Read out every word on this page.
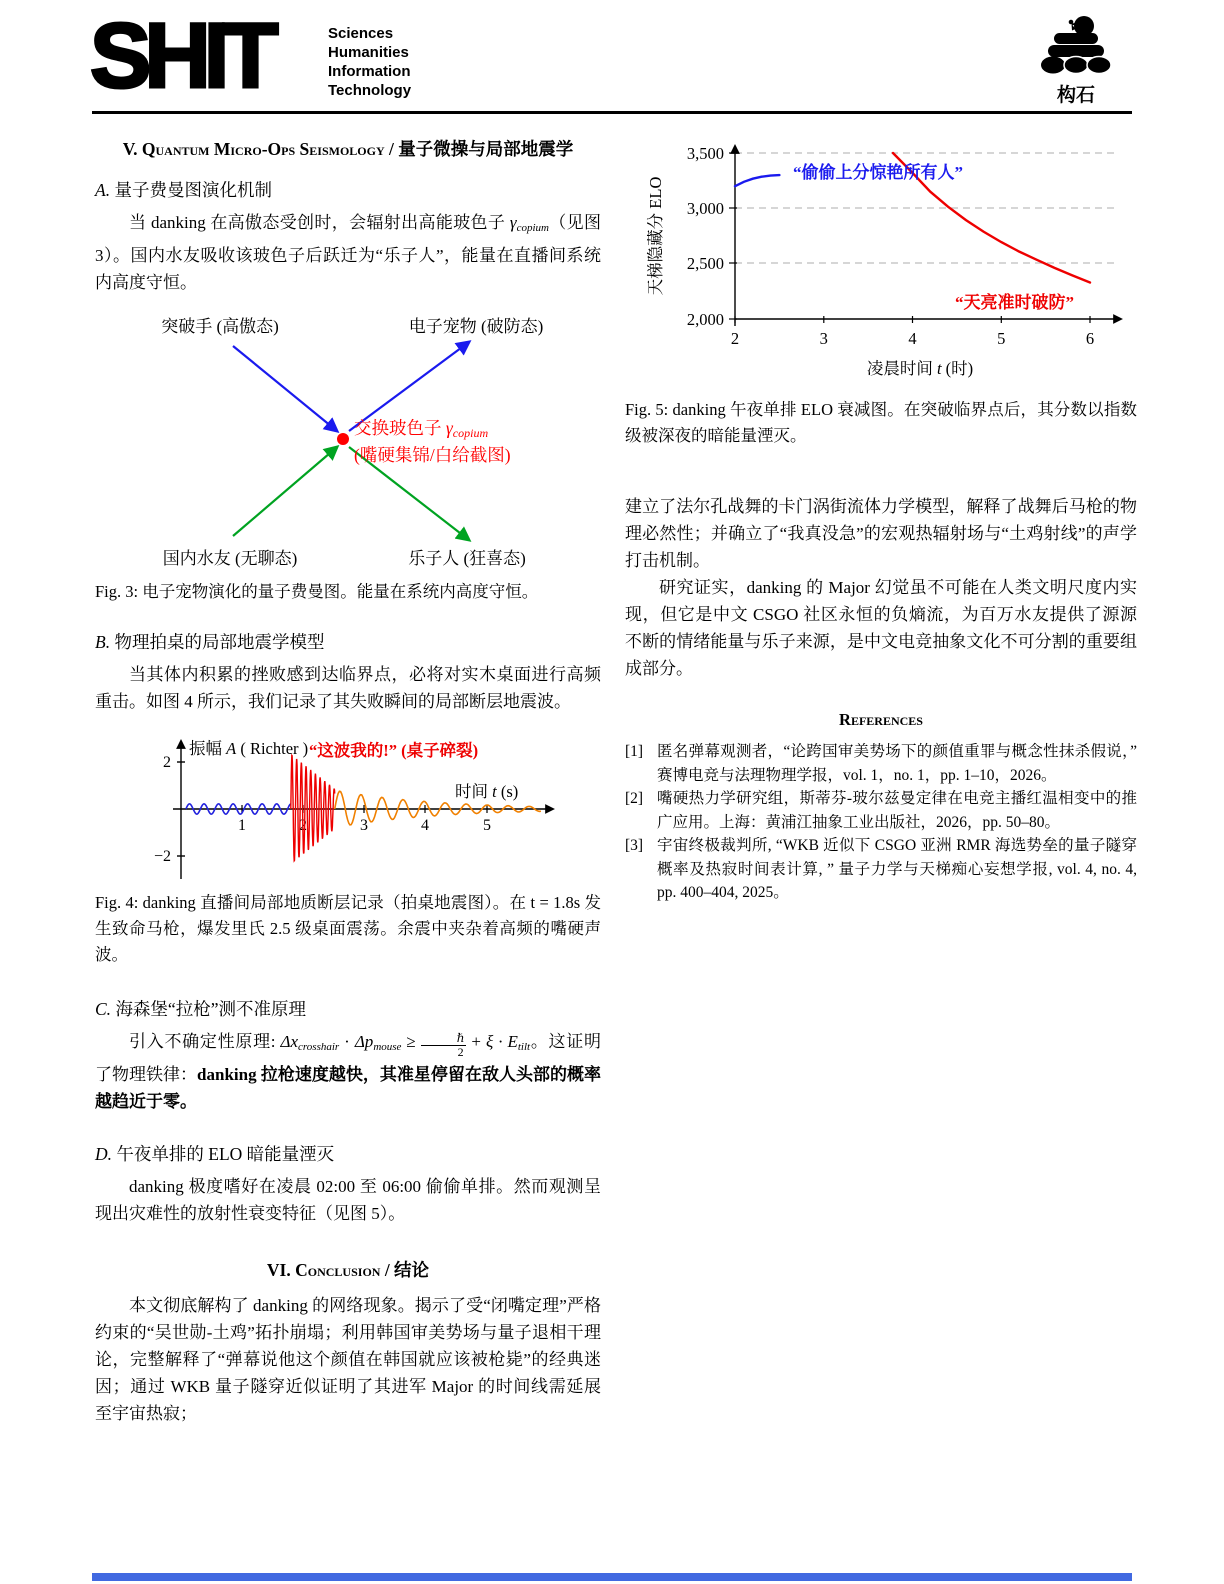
SHIT	Sciences
Humanities
Information
Technology	构石
V. Quantum Micro-Ops Seismology / 量子微操与局部地震学
A. 量子费曼图演化机制

当 danking 在高傲态受创时，会辐射出高能玻色子 γcopium（见图 3）。国内水友吸收该玻色子后跃迁为“乐子人”，能量在直播间系统内高度守恒。

突破手 (高傲态)	电子宠物 (破防态)
国内水友 (无聊态)	乐子人 (狂喜态)
交换玻色子 γcopium
(嘴硬集锦/白给截图)
Fig. 3: 电子宠物演化的量子费曼图。能量在系统内高度守恒。
B. 物理拍桌的局部地震学模型

当其体内积累的挫败感到达临界点，必将对实木桌面进行高频重击。如图 4 所示，我们记录了其失败瞬间的局部断层地震波。

2
−2
1	2	3	4	5
振幅 A ( Richter ) “这波我的!” (桌子碎裂)
时间 t (s)
Fig. 4: danking 直播间局部地质断层记录（拍桌地震图）。在 t = 1.8s 发生致命马枪，爆发里氏 2.5 级桌面震荡。余震中夹杂着高频的嘴硬声波。
C. 海森堡“拉枪”测不准原理

引入不确定性原理: Δxcrosshair · Δpmouse ≥ $\frac{\text{ℏ}}{2} + \xi$ · Etilt。这证明了物理铁律：danking 拉枪速度越快，其准星停留在敌人头部的概率越趋近于零。

D. 午夜单排的 ELO 暗能量湮灭

danking 极度嗜好在凌晨 02:00 至 06:00 偷偷单排。然而观测呈现出灾难性的放射性衰变特征（见图 5）。

VI. Conclusion / 结论

本文彻底解构了 danking 的网络现象。揭示了受“闭嘴定理”严格约束的“吴世勋-土鸡”拓扑崩塌；利用韩国审美势场与量子退相干理论，完整解释了“弹幕说他这个颜值在韩国就应该被枪毙”的经典迷因；通过 WKB 量子隧穿近似证明了其进军 Major 的时间线需延展至宇宙热寂；

3,500
3,000
2,500
2,000
2	3	4	5	6
天梯隐藏分 ELO
凌晨时间 t (时)
“偷偷上分惊艳所有人”
“天亮准时破防”
Fig. 5: danking 午夜单排 ELO 衰减图。在突破临界点后，其分数以指数级被深夜的暗能量湮灭。

建立了法尔孔战舞的卡门涡街流体力学模型，解释了战舞后马枪的物理必然性；并确立了“我真没急”的宏观热辐射场与“土鸡射线”的声学打击机制。

研究证实，danking 的 Major 幻觉虽不可能在人类文明尺度内实现，但它是中文 CSGO 社区永恒的负熵流，为百万水友提供了源源不断的情绪能量与乐子来源，是中文电竞抽象文化不可分割的重要组成部分。

References
[1] 匿名弹幕观测者，“论跨国审美势场下的颜值重罪与概念性抹杀假说，” 赛博电竞与法理物理学报，vol. 1，no. 1，pp. 1–10，2026。
[2] 嘴硬热力学研究组，斯蒂芬-玻尔兹曼定律在电竞主播红温相变中的推广应用。上海：黄浦江抽象工业出版社，2026，pp. 50–80。
[3] 宇宙终极裁判所, “WKB 近似下 CSGO 亚洲 RMR 海选势垒的量子隧穿概率及热寂时间表计算, ” 量子力学与天梯痴心妄想学报, vol. 4, no. 4, pp. 400–404, 2025。
